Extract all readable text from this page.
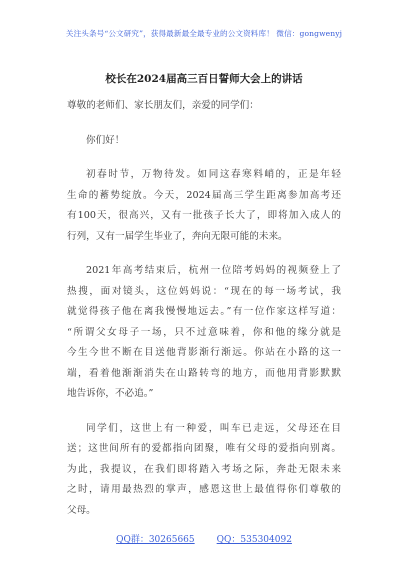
关注头条号“公文研究”，获得最新最全最专业的公文资料库！ 微信：gongwenyj
校长在2024届高三百日誓师大会上的讲话

尊敬的老师们、家长朋友们，亲爱的同学们：

你们好！

初春时节，万物待发。如同这春寒料峭的，正是年轻
生命的蓄势绽放。今天，2024届高三学生距离参加高考还
有100天，很高兴，又有一批孩子长大了，即将加入成人的
行列，又有一届学生毕业了，奔向无限可能的未来。

2021年高考结束后，杭州一位陪考妈妈的视频登上了
热搜，面对镜头，这位妈妈说：“现在的每一场考试，我
就觉得孩子他在离我慢慢地远去。”有一位作家这样写道：
“所谓父女母子一场，只不过意味着，你和他的缘分就是
今生今世不断在目送他背影渐行渐远。你站在小路的这一
端，看着他渐渐消失在山路转弯的地方，而他用背影默默
地告诉你，不必追。”

同学们，这世上有一种爱，叫车已走远，父母还在目
送；这世间所有的爱都指向团聚，唯有父母的爱指向别离。
为此，我提议，在我们即将踏入考场之际，奔赴无限未来
之时，请用最热烈的掌声，感恩这世上最值得你们尊敬的
父母。

QQ群：30265665 QQ：535304092
